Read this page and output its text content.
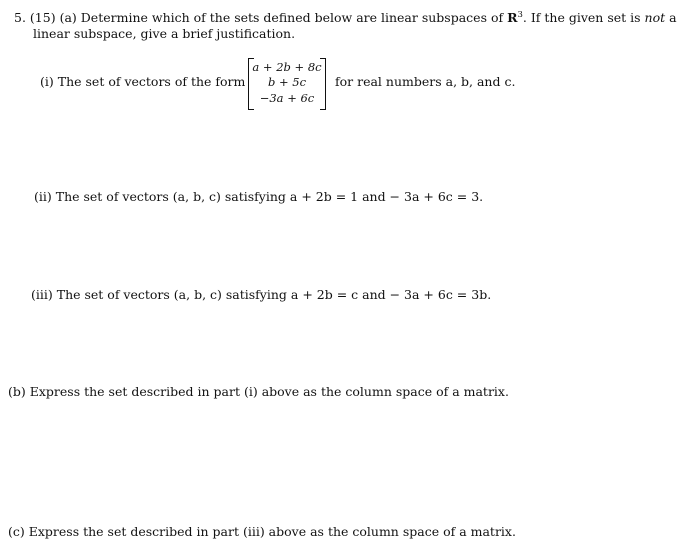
5. (15) (a) Determine which of the sets defined below are linear subspaces of $R^3$. If the given set is not a
linear subspace, give a brief justification.
(i) The set of vectors of the form
a + 2b + 8c
b + 5c
−3a + 6c
for real numbers a, b, and c.
(ii) The set of vectors (a, b, c) satisfying a + 2b = 1 and − 3a + 6c = 3.
(iii) The set of vectors (a, b, c) satisfying a + 2b = c and − 3a + 6c = 3b.
(b) Express the set described in part (i) above as the column space of a matrix.
(c) Express the set described in part (iii) above as the column space of a matrix.
